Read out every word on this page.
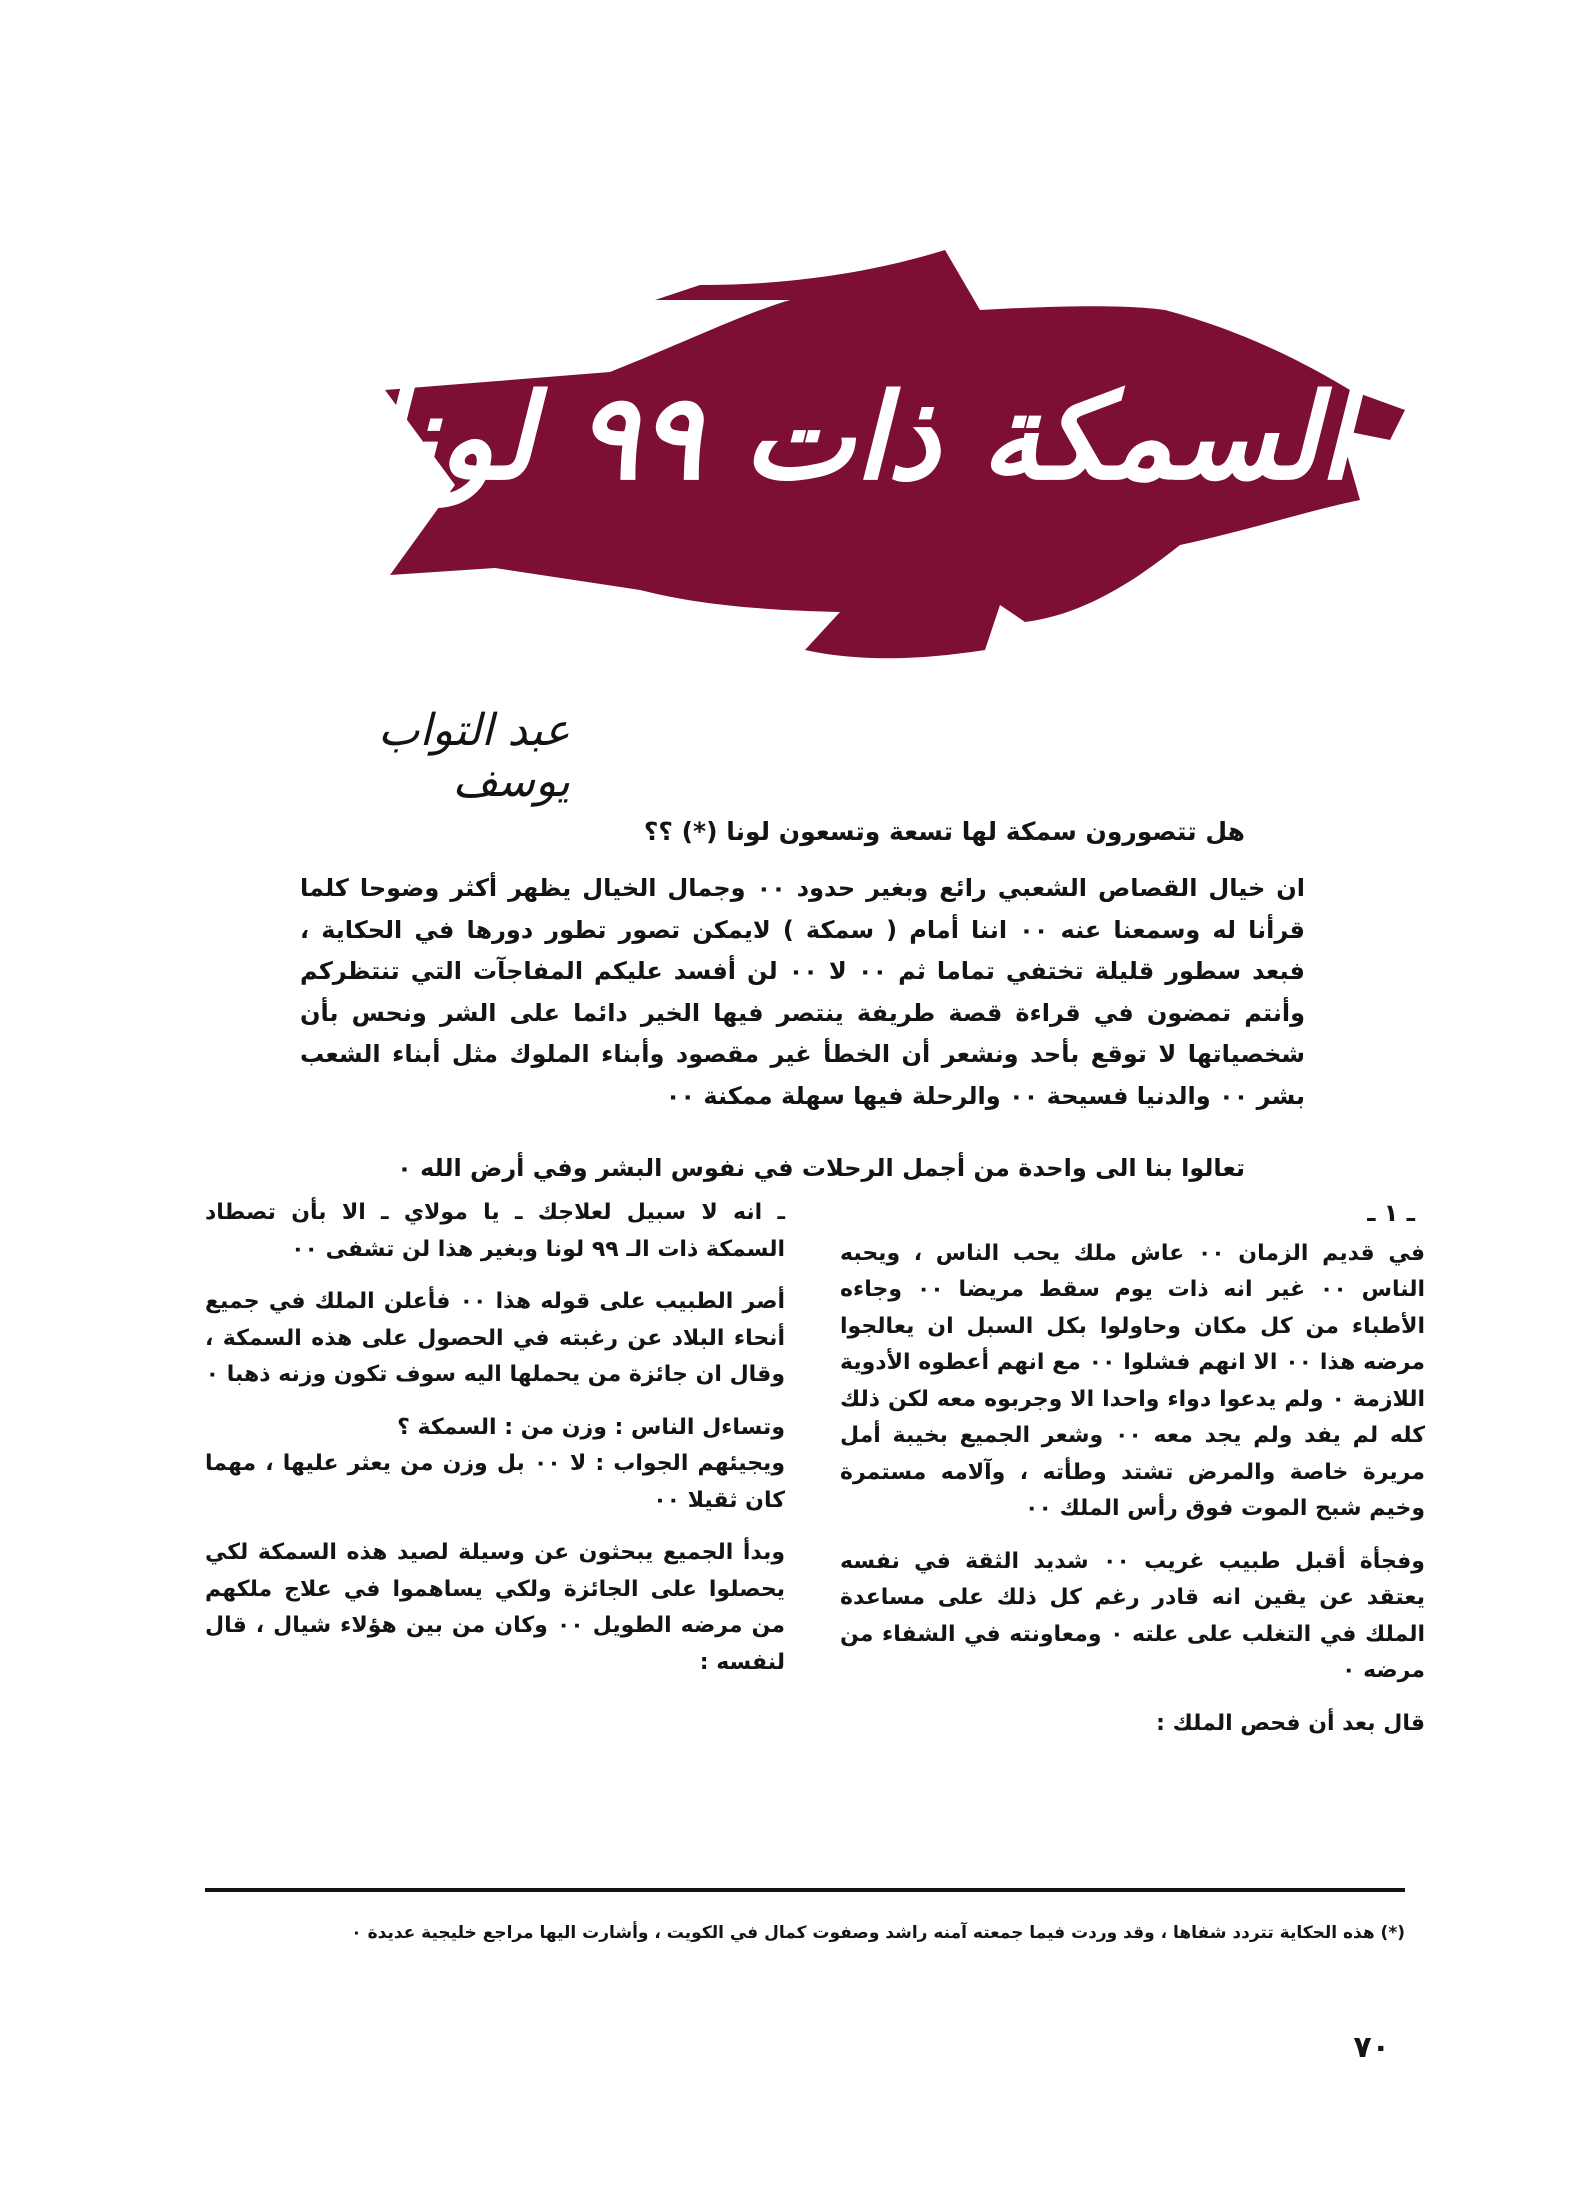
السمكة ذات ٩٩ لونا
عبد التواب يوسف
هل تتصورون سمكة لها تسعة وتسعون لونا (*) ؟؟
ان خيال القصاص الشعبي رائع وبغير حدود ٠٠ وجمال الخيال يظهر أكثر وضوحا كلما قرأنا له وسمعنا عنه ٠٠ اننا أمام ( سمكة ) لايمكن تصور تطور دورها في الحكاية ، فبعد سطور قليلة تختفي تماما ثم ٠٠ لا ٠٠ لن أفسد عليكم المفاجآت التي تنتظركم وأنتم تمضون في قراءة قصة طريفة ينتصر فيها الخير دائما على الشر ونحس بأن شخصياتها لا توقع بأحد ونشعر أن الخطأ غير مقصود وأبناء الملوك مثل أبناء الشعب بشر ٠٠ والدنيا فسيحة ٠٠ والرحلة فيها سهلة ممكنة ٠٠
تعالوا بنا الى واحدة من أجمل الرحلات في نفوس البشر وفي أرض الله ٠

ـ ١ ـ

في قديم الزمان ٠٠ عاش ملك يحب الناس ، ويحبه الناس ٠٠ غير انه ذات يوم سقط مريضا ٠٠ وجاءه الأطباء من كل مكان وحاولوا بكل السبل ان يعالجوا مرضه هذا ٠٠ الا انهم فشلوا ٠٠ مع انهم أعطوه الأدوية اللازمة ٠ ولم يدعوا دواء واحدا الا وجربوه معه لكن ذلك كله لم يفد ولم يجد معه ٠٠ وشعر الجميع بخيبة أمل مريرة خاصة والمرض تشتد وطأته ، وآلامه مستمرة وخيم شبح الموت فوق رأس الملك ٠٠

وفجأة أقبل طبيب غريب ٠٠ شديد الثقة في نفسه يعتقد عن يقين انه قادر رغم كل ذلك على مساعدة الملك في التغلب على علته ٠ ومعاونته في الشفاء من مرضه ٠

قال بعد أن فحص الملك :

ـ انه لا سبيل لعلاجك ـ يا مولاي ـ الا بأن تصطاد السمكة ذات الـ ٩٩ لونا وبغير هذا لن تشفى ٠٠

أصر الطبيب على قوله هذا ٠٠ فأعلن الملك في جميع أنحاء البلاد عن رغبته في الحصول على هذه السمكة ، وقال ان جائزة من يحملها اليه سوف تكون وزنه ذهبا ٠

وتساءل الناس : وزن من : السمكة ؟

ويجيئهم الجواب : لا ٠٠ بل وزن من يعثر عليها ، مهما كان ثقيلا ٠٠

وبدأ الجميع يبحثون عن وسيلة لصيد هذه السمكة لكي يحصلوا على الجائزة ولكي يساهموا في علاج ملكهم من مرضه الطويل ٠٠ وكان من بين هؤلاء شيال ، قال لنفسه :

(*) هذه الحكاية تتردد شفاها ، وقد وردت فيما جمعته آمنه راشد وصفوت كمال في الكويت ، وأشارت اليها مراجع خليجية عديدة ٠
٧٠
